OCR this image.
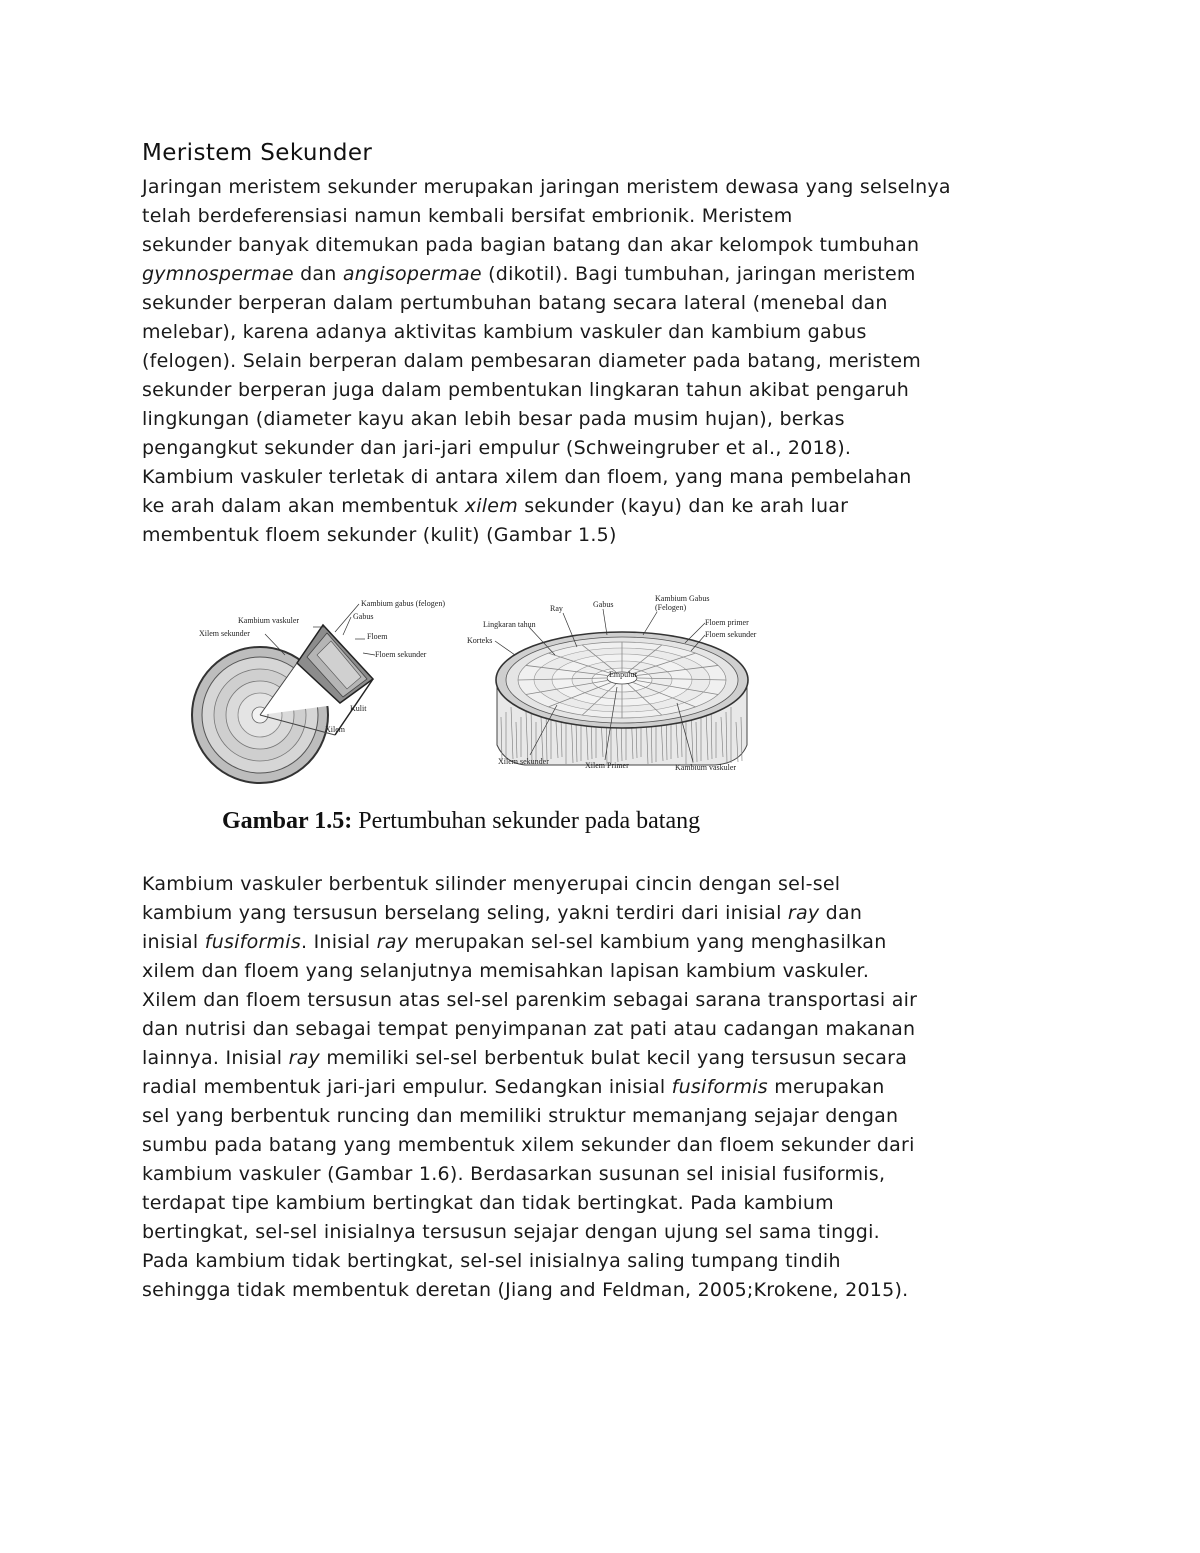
Meristem Sekunder
Jaringan meristem sekunder merupakan jaringan meristem dewasa yang selselnya
telah berdeferensiasi namun kembali bersifat embrionik. Meristem
sekunder banyak ditemukan pada bagian batang dan akar kelompok tumbuhan
gymnospermae dan angisopermae (dikotil). Bagi tumbuhan, jaringan meristem
sekunder berperan dalam pertumbuhan batang secara lateral (menebal dan
melebar), karena adanya aktivitas kambium vaskuler dan kambium gabus
(felogen). Selain berperan dalam pembesaran diameter pada batang, meristem
sekunder berperan juga dalam pembentukan lingkaran tahun akibat pengaruh
lingkungan (diameter kayu akan lebih besar pada musim hujan), berkas
pengangkut sekunder dan jari-jari empulur (Schweingruber et al., 2018).
Kambium vaskuler terletak di antara xilem dan floem, yang mana pembelahan
ke arah dalam akan membentuk xilem sekunder (kayu) dan ke arah luar
membentuk floem sekunder (kulit) (Gambar 1.5)
Kambium gabus (felogen)
Gabus
Kambium vaskuler
Xilem sekunder	Floem
Floem sekunder
Kulit
Xilem
Ray	Gabus
Kambium Gabus
(Felogen)
Lingkaran tahun
Korteks
Floem primer
Floem sekunder
Empulur
Xilem sekunder	Xilem Primer	Kambium vaskuler
Gambar 1.5: Pertumbuhan sekunder pada batang
Kambium vaskuler berbentuk silinder menyerupai cincin dengan sel-sel
kambium yang tersusun berselang seling, yakni terdiri dari inisial ray dan
inisial fusiformis. Inisial ray merupakan sel-sel kambium yang menghasilkan
xilem dan floem yang selanjutnya memisahkan lapisan kambium vaskuler.
Xilem dan floem tersusun atas sel-sel parenkim sebagai sarana transportasi air
dan nutrisi dan sebagai tempat penyimpanan zat pati atau cadangan makanan
lainnya. Inisial ray memiliki sel-sel berbentuk bulat kecil yang tersusun secara
radial membentuk jari-jari empulur. Sedangkan inisial fusiformis merupakan
sel yang berbentuk runcing dan memiliki struktur memanjang sejajar dengan
sumbu pada batang yang membentuk xilem sekunder dan floem sekunder dari
kambium vaskuler (Gambar 1.6). Berdasarkan susunan sel inisial fusiformis,
terdapat tipe kambium bertingkat dan tidak bertingkat. Pada kambium
bertingkat, sel-sel inisialnya tersusun sejajar dengan ujung sel sama tinggi.
Pada kambium tidak bertingkat, sel-sel inisialnya saling tumpang tindih
sehingga tidak membentuk deretan (Jiang and Feldman, 2005;Krokene, 2015).
